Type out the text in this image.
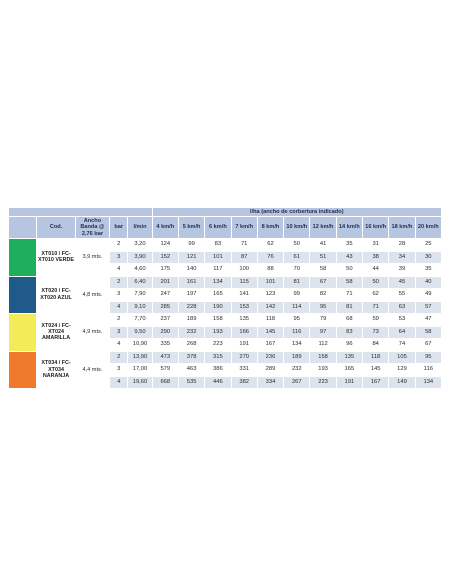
					l/ha (ancho de corbertura indicado)										
	Cod.	Ancho Banda @ 2,76 bar	bar	l/min	4 km/h	5 km/h	6 km/h	7 km/h	8 km/h	10 km/h	12 km/h	14 km/h	16 km/h	18 km/h	20 km/h
	XT010 / FC-XT010 VERDE	3,9 mts.	2	3,20	124	99	83	71	62	50	41	35	31	28	25
			3	3,90	152	121	101	87	76	61	51	43	38	34	30
			4	4,60	175	140	117	100	88	70	58	50	44	39	35
	XT020 / FC-XT020 AZUL	4,8 mts.	2	6,40	201	161	134	115	101	81	67	58	50	45	40
			3	7,90	247	197	165	141	123	99	82	71	62	55	49
			4	9,10	285	228	190	153	142	114	95	81	71	63	57
	XT024 / FC-XT024 AMARILLA	4,9 mts.	2	7,70	237	189	158	135	118	95	79	68	59	53	47
			3	9,50	290	232	193	166	145	116	97	83	73	64	58
			4	10,90	335	268	223	191	167	134	112	96	84	74	67
	XT034 / FC-XT034 NARANJA	4,4 mts.	2	13,90	473	378	315	270	236	189	158	135	118	105	95
			3	17,00	579	463	386	331	289	232	193	165	145	129	116
			4	19,60	668	535	446	382	334	267	223	191	167	149	134
